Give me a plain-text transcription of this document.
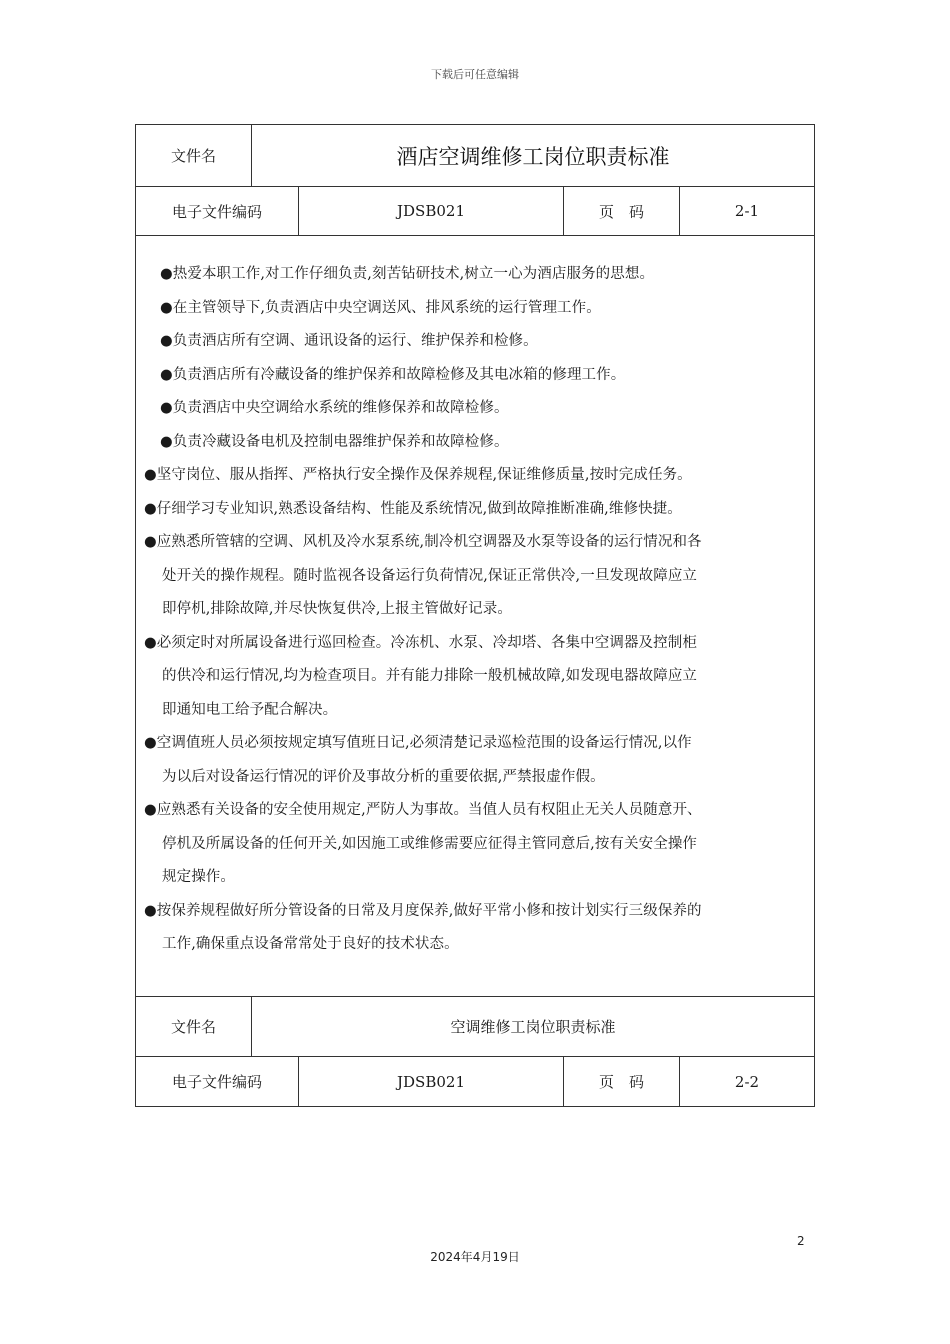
下载后可任意编辑
文件名	酒店空调维修工岗位职责标准
电子文件编码	JDSB021	页　码	2-1
●热爱本职工作,对工作仔细负责,刻苦钻研技术,树立一心为酒店服务的思想。
●在主管领导下,负责酒店中央空调送风、排风系统的运行管理工作。
●负责酒店所有空调、通讯设备的运行、维护保养和检修。
●负责酒店所有冷藏设备的维护保养和故障检修及其电冰箱的修理工作。
●负责酒店中央空调给水系统的维修保养和故障检修。
●负责冷藏设备电机及控制电器维护保养和故障检修。
●坚守岗位、服从指挥、严格执行安全操作及保养规程,保证维修质量,按时完成任务。
●仔细学习专业知识,熟悉设备结构、性能及系统情况,做到故障推断准确,维修快捷。
●应熟悉所管辖的空调、风机及冷水泵系统,制冷机空调器及水泵等设备的运行情况和各
处开关的操作规程。随时监视各设备运行负荷情况,保证正常供冷,一旦发现故障应立
即停机,排除故障,并尽快恢复供冷,上报主管做好记录。
●必须定时对所属设备进行巡回检查。冷冻机、水泵、冷却塔、各集中空调器及控制柜
的供冷和运行情况,均为检查项目。并有能力排除一般机械故障,如发现电器故障应立
即通知电工给予配合解决。
●空调值班人员必须按规定填写值班日记,必须清楚记录巡检范围的设备运行情况,以作
为以后对设备运行情况的评价及事故分析的重要依据,严禁报虚作假。
●应熟悉有关设备的安全使用规定,严防人为事故。当值人员有权阻止无关人员随意开、
停机及所属设备的任何开关,如因施工或维修需要应征得主管同意后,按有关安全操作
规定操作。
●按保养规程做好所分管设备的日常及月度保养,做好平常小修和按计划实行三级保养的
工作,确保重点设备常常处于良好的技术状态。
文件名	空调维修工岗位职责标准
电子文件编码	JDSB021	页　码	2-2
2
2024年4月19日
